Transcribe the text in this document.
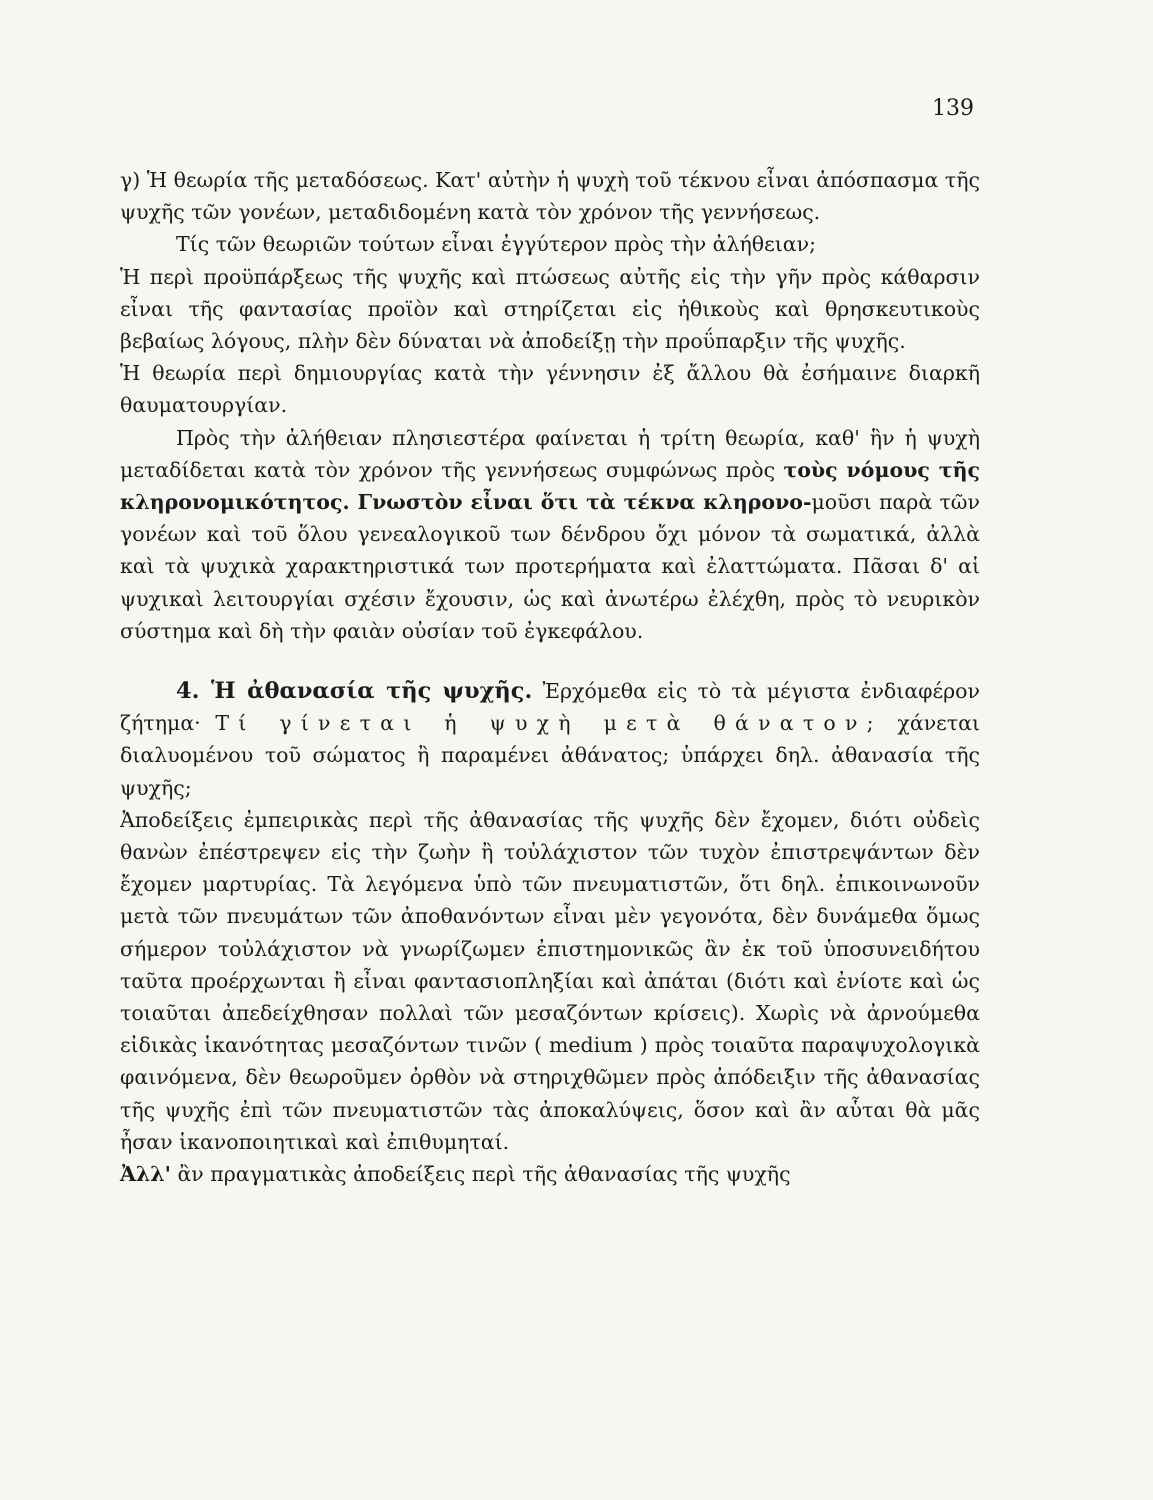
139

γ) Ἡ θεωρία τῆς μεταδόσεως. Κατ' αὐτὴν ἡ ψυχὴ τοῦ τέκνου εἶναι ἀπόσπασμα τῆς ψυχῆς τῶν γονέων, μεταδιδομένη κατὰ τὸν χρόνον τῆς γεννήσεως.

Τίς τῶν θεωριῶν τούτων εἶναι ἐγγύτερον πρὸς τὴν ἀλήθειαν;

Ἡ περὶ προϋπάρξεως τῆς ψυχῆς καὶ πτώσεως αὐτῆς εἰς τὴν γῆν πρὸς κάθαρσιν εἶναι τῆς φαντασίας προϊὸν καὶ στηρίζεται εἰς ἠθικοὺς καὶ θρησκευτικοὺς βεβαίως λόγους, πλὴν δὲν δύναται νὰ ἀποδείξῃ τὴν προΰπαρξιν τῆς ψυχῆς.

Ἡ θεωρία περὶ δημιουργίας κατὰ τὴν γέννησιν ἐξ ἄλλου θὰ ἐσήμαινε διαρκῆ θαυματουργίαν.

Πρὸς τὴν ἀλήθειαν πλησιεστέρα φαίνεται ἡ τρίτη θεωρία, καθ' ἣν ἡ ψυχὴ μεταδίδεται κατὰ τὸν χρόνον τῆς γεννήσεως συμφώνως πρὸς τοὺς νόμους τῆς κληρονομικότητος. Γνωστὸν εἶναι ὅτι τὰ τέκνα κληρονο-μοῦσι παρὰ τῶν γονέων καὶ τοῦ ὅλου γενεαλογικοῦ των δένδρου ὄχι μόνον τὰ σωματικά, ἀλλὰ καὶ τὰ ψυχικὰ χαρακτηριστικά των προτερήματα καὶ ἐλαττώματα. Πᾶσαι δ' αἱ ψυχικαὶ λειτουργίαι σχέσιν ἔχουσιν, ὡς καὶ ἀνωτέρω ἐλέχθη, πρὸς τὸ νευρικὸν σύστημα καὶ δὴ τὴν φαιὰν οὐσίαν τοῦ ἐγκεφάλου.

4. Ἡ ἀθανασία τῆς ψυχῆς. Ἐρχόμεθα εἰς τὸ τὰ μέγιστα ἐνδιαφέρον ζήτημα· Τί γίνεται ἡ ψυχὴ μετὰ θάνατον; χάνεται διαλυομένου τοῦ σώματος ἢ παραμένει ἀθάνατος; ὑπάρχει δηλ. ἀθανασία τῆς ψυχῆς;

Ἀποδείξεις ἐμπειρικὰς περὶ τῆς ἀθανασίας τῆς ψυχῆς δὲν ἔχομεν, διότι οὐδεὶς θανὼν ἐπέστρεψεν εἰς τὴν ζωὴν ἢ τοὐλάχιστον τῶν τυχὸν ἐπιστρεψάντων δὲν ἔχομεν μαρτυρίας. Τὰ λεγόμενα ὑπὸ τῶν πνευματιστῶν, ὅτι δηλ. ἐπικοινωνοῦν μετὰ τῶν πνευμάτων τῶν ἀποθανόντων εἶναι μὲν γεγονότα, δὲν δυνάμεθα ὅμως σήμερον τοὐλάχιστον νὰ γνωρίζωμεν ἐπιστημονικῶς ἂν ἐκ τοῦ ὑποσυνειδήτου ταῦτα προέρχωνται ἢ εἶναι φαντασιοπληξίαι καὶ ἀπάται (διότι καὶ ἐνίοτε καὶ ὡς τοιαῦται ἀπεδείχθησαν πολλαὶ τῶν μεσαζόντων κρίσεις). Χωρὶς νὰ ἀρνούμεθα εἰδικὰς ἱκανότητας μεσαζόντων τινῶν ( medium ) πρὸς τοιαῦτα παραψυχολογικὰ φαινόμενα, δὲν θεωροῦμεν ὀρθὸν νὰ στηριχθῶμεν πρὸς ἀπόδειξιν τῆς ἀθανασίας τῆς ψυχῆς ἐπὶ τῶν πνευματιστῶν τὰς ἀποκαλύψεις, ὅσον καὶ ἂν αὗται θὰ μᾶς ἦσαν ἱκανοποιητικαὶ καὶ ἐπιθυμηταί.

Ἀλλ' ἂν πραγματικὰς ἀποδείξεις περὶ τῆς ἀθανασίας τῆς ψυχῆς
